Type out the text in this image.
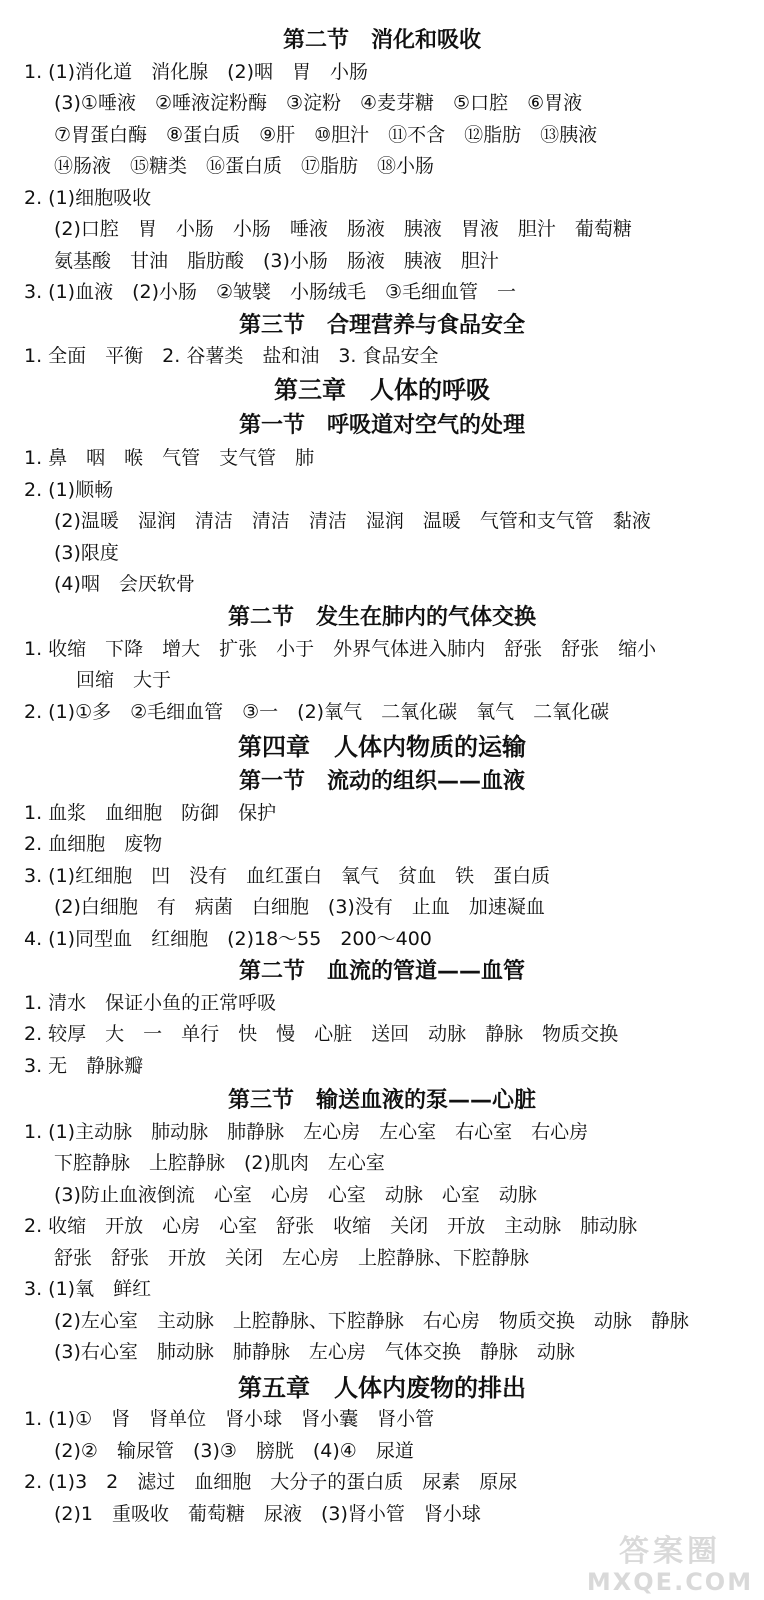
第二节　消化和吸收
1. (1)消化道　消化腺　(2)咽　胃　小肠
(3)①唾液　②唾液淀粉酶　③淀粉　④麦芽糖　⑤口腔　⑥胃液
⑦胃蛋白酶　⑧蛋白质　⑨肝　⑩胆汁　⑪不含　⑫脂肪　⑬胰液
⑭肠液　⑮糖类　⑯蛋白质　⑰脂肪　⑱小肠
2. (1)细胞吸收
(2)口腔　胃　小肠　小肠　唾液　肠液　胰液　胃液　胆汁　葡萄糖
氨基酸　甘油　脂肪酸　(3)小肠　肠液　胰液　胆汁
3. (1)血液　(2)小肠　②皱襞　小肠绒毛　③毛细血管　一
第三节　合理营养与食品安全
1. 全面　平衡　2. 谷薯类　盐和油　3. 食品安全
第三章　人体的呼吸
第一节　呼吸道对空气的处理
1. 鼻　咽　喉　气管　支气管　肺
2. (1)顺畅
(2)温暖　湿润　清洁　清洁　清洁　湿润　温暖　气管和支气管　黏液
(3)限度
(4)咽　会厌软骨
第二节　发生在肺内的气体交换
1. 收缩　下降　增大　扩张　小于　外界气体进入肺内　舒张　舒张　缩小
回缩　大于
2. (1)①多　②毛细血管　③一　(2)氧气　二氧化碳　氧气　二氧化碳
第四章　人体内物质的运输
第一节　流动的组织——血液
1. 血浆　血细胞　防御　保护
2. 血细胞　废物
3. (1)红细胞　凹　没有　血红蛋白　氧气　贫血　铁　蛋白质
(2)白细胞　有　病菌　白细胞　(3)没有　止血　加速凝血
4. (1)同型血　红细胞　(2)18～55　200～400
第二节　血流的管道——血管
1. 清水　保证小鱼的正常呼吸
2. 较厚　大　一　单行　快　慢　心脏　送回　动脉　静脉　物质交换
3. 无　静脉瓣
第三节　输送血液的泵——心脏
1. (1)主动脉　肺动脉　肺静脉　左心房　左心室　右心室　右心房
下腔静脉　上腔静脉　(2)肌肉　左心室
(3)防止血液倒流　心室　心房　心室　动脉　心室　动脉
2. 收缩　开放　心房　心室　舒张　收缩　关闭　开放　主动脉　肺动脉
舒张　舒张　开放　关闭　左心房　上腔静脉、下腔静脉
3. (1)氧　鲜红
(2)左心室　主动脉　上腔静脉、下腔静脉　右心房　物质交换　动脉　静脉
(3)右心室　肺动脉　肺静脉　左心房　气体交换　静脉　动脉
第五章　人体内废物的排出
1. (1)①　肾　肾单位　肾小球　肾小囊　肾小管
(2)②　输尿管　(3)③　膀胱　(4)④　尿道
2. (1)3　2　滤过　血细胞　大分子的蛋白质　尿素　原尿
(2)1　重吸收　葡萄糖　尿液　(3)肾小管　肾小球
答案圈
MXQE.COM
